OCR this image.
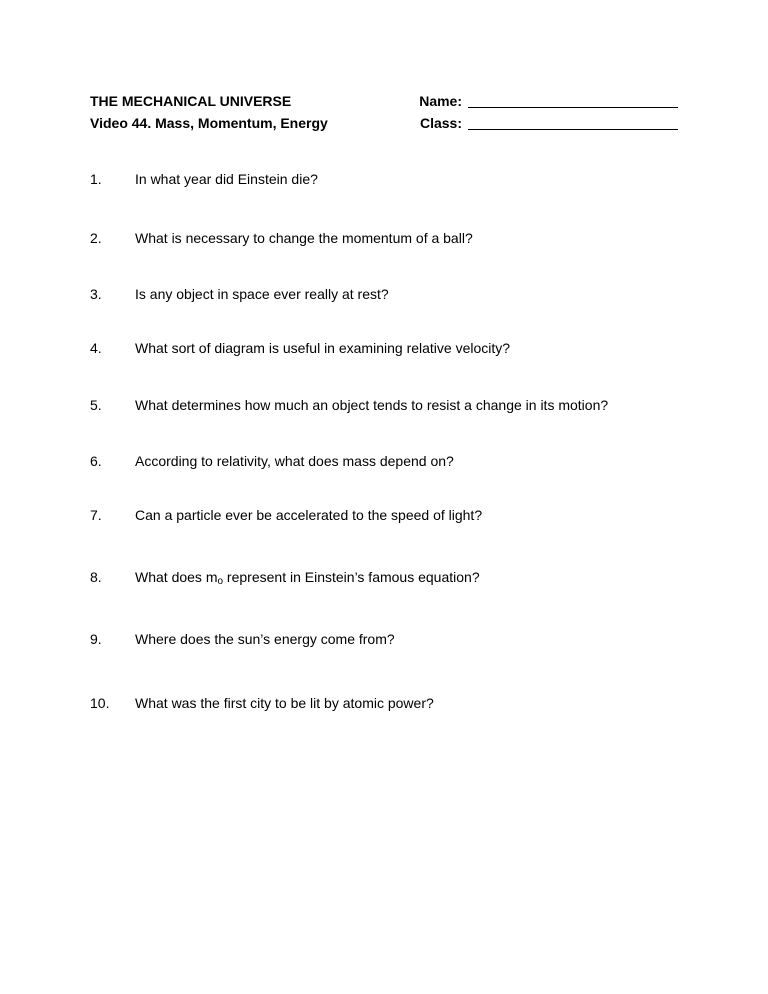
THE MECHANICAL UNIVERSE
Video 44. Mass, Momentum, Energy
Name:
Class:
1.	In what year did Einstein die?
2.	What is necessary to change the momentum of a ball?
3.	Is any object in space ever really at rest?
4.	What sort of diagram is useful in examining relative velocity?
5.	What determines how much an object tends to resist a change in its motion?
6.	According to relativity, what does mass depend on?
7.	Can a particle ever be accelerated to the speed of light?
8.	What does $m_o$ represent in Einstein’s famous equation?
9.	Where does the sun’s energy come from?
10.	What was the first city to be lit by atomic power?
